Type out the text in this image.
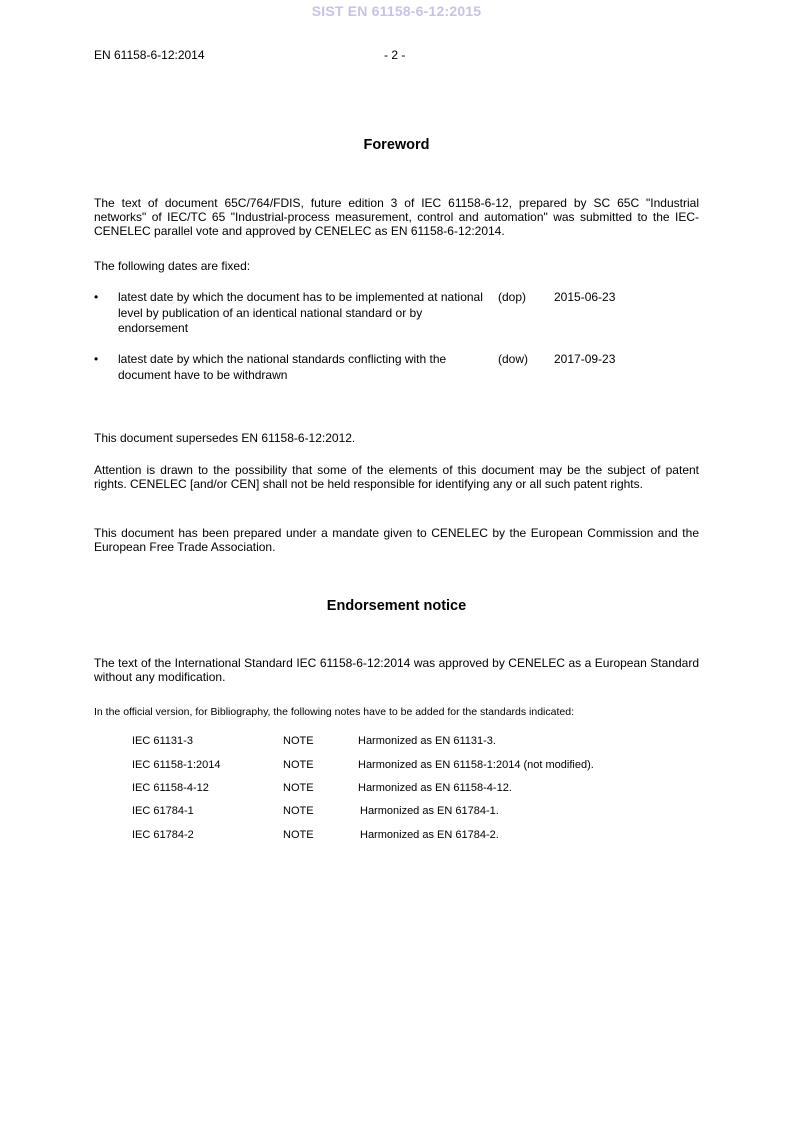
SIST EN 61158-6-12:2015
EN 61158-6-12:2014	- 2 -
Foreword
The text of document 65C/764/FDIS, future edition 3 of IEC 61158-6-12, prepared by SC 65C "Industrial networks" of IEC/TC 65 "Industrial-process measurement, control and automation" was submitted to the IEC-CENELEC parallel vote and approved by CENELEC as EN 61158-6-12:2014.
The following dates are fixed:
• latest date by which the document has to be implemented at national level by publication of an identical national standard or by endorsement
(dop) 2015-06-23
• latest date by which the national standards conflicting with the document have to be withdrawn
(dow) 2017-09-23
This document supersedes EN 61158-6-12:2012.
Attention is drawn to the possibility that some of the elements of this document may be the subject of patent rights. CENELEC [and/or CEN] shall not be held responsible for identifying any or all such patent rights.
This document has been prepared under a mandate given to CENELEC by the European Commission and the European Free Trade Association.
Endorsement notice
The text of the International Standard IEC 61158-6-12:2014 was approved by CENELEC as a European Standard without any modification.
In the official version, for Bibliography, the following notes have to be added for the standards indicated:
IEC 61131-3	NOTE	Harmonized as EN 61131-3.
IEC 61158-1:2014	NOTE	Harmonized as EN 61158-1:2014 (not modified).
IEC 61158-4-12	NOTE	Harmonized as EN 61158-4-12.
IEC 61784-1	NOTE	Harmonized as EN 61784-1.
IEC 61784-2	NOTE	Harmonized as EN 61784-2.
